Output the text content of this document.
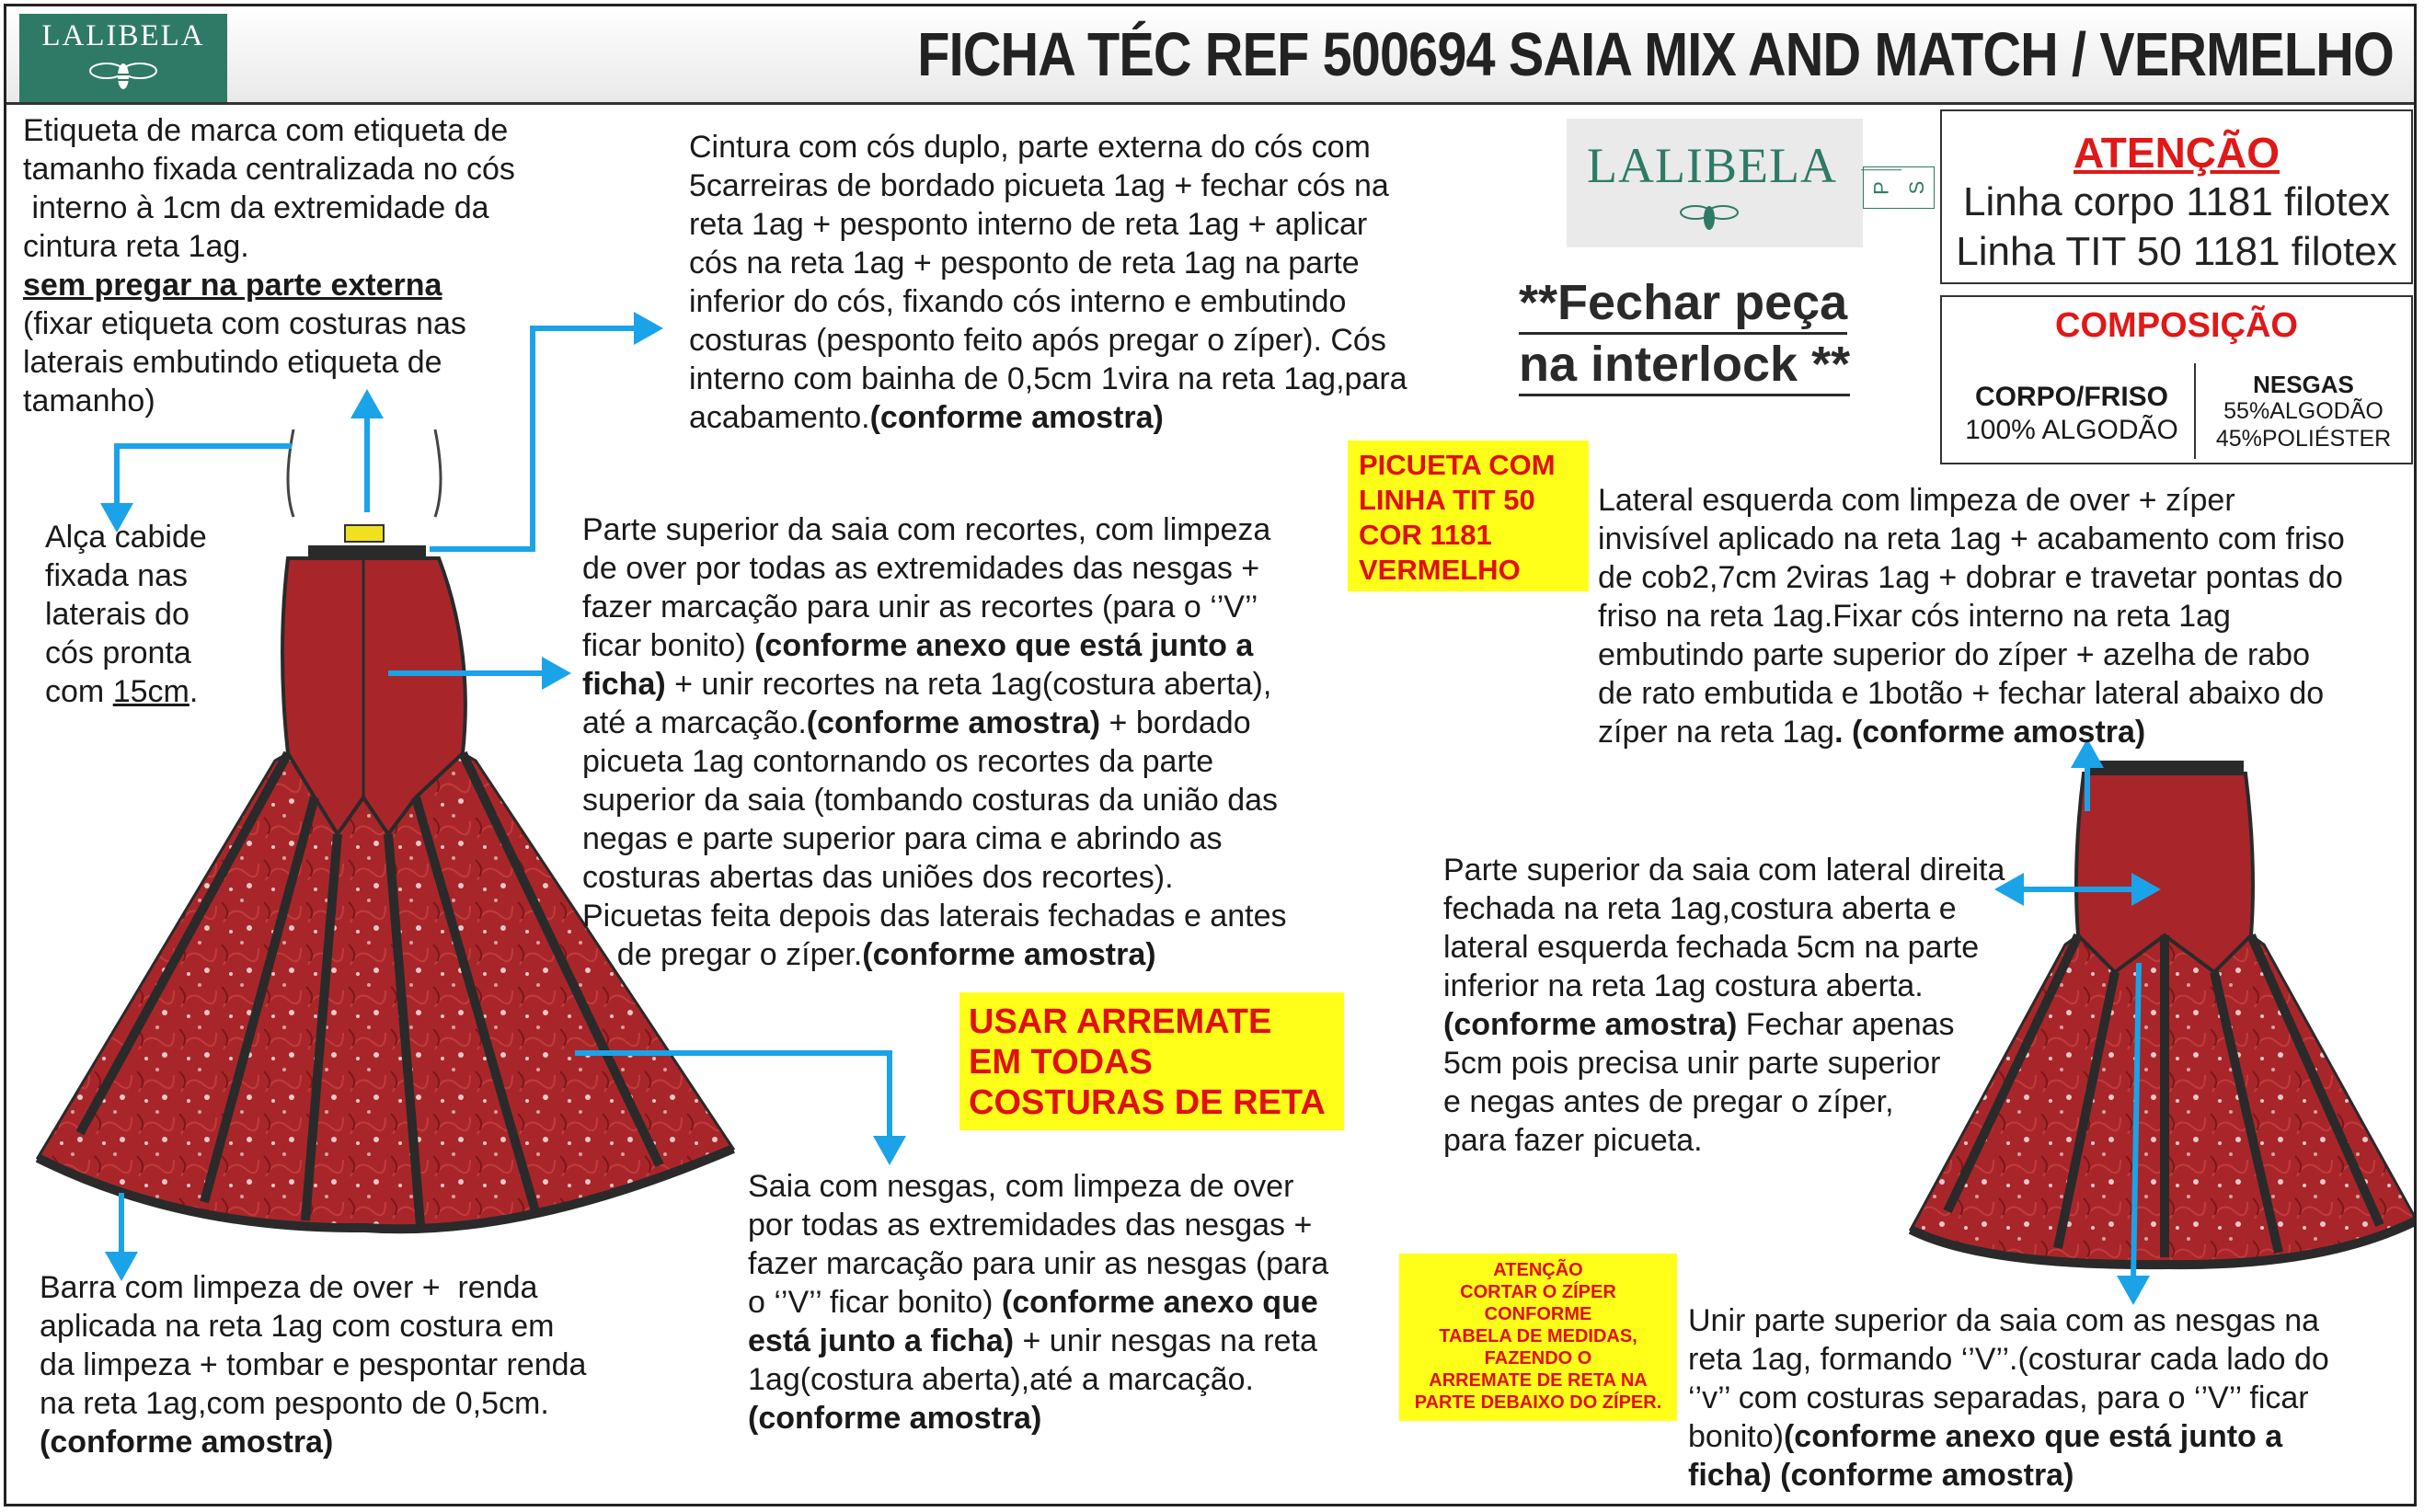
LALIBELA	FICHA TÉC REF 500694 SAIA MIX AND MATCH / VERMELHO
Etiqueta de marca com etiqueta de
tamanho fixada centralizada no cós
interno à 1cm da extremidade da
cintura reta 1ag.
sem pregar na parte externa
(fixar etiqueta com costuras nas
laterais embutindo etiqueta de
tamanho)
Alça cabide
fixada nas
laterais do
cós pronta
com 15cm.
Cintura com cós duplo, parte externa do cós com
5carreiras de bordado picueta 1ag + fechar cós na
reta 1ag + pesponto interno de reta 1ag + aplicar
cós na reta 1ag + pesponto de reta 1ag na parte
inferior do cós, fixando cós interno e embutindo
costuras (pesponto feito após pregar o zíper). Cós
interno com bainha de 0,5cm 1vira na reta 1ag,para
acabamento.(conforme amostra)
Parte superior da saia com recortes, com limpeza
de over por todas as extremidades das nesgas +
fazer marcação para unir as recortes (para o ‘’V’’
ficar bonito) (conforme anexo que está junto a
ficha) + unir recortes na reta 1ag(costura aberta),
até a marcação.(conforme amostra) + bordado
picueta 1ag contornando os recortes da parte
superior da saia (tombando costuras da união das
negas e parte superior para cima e abrindo as
costuras abertas das uniões dos recortes).
Picuetas feita depois das laterais fechadas e antes
de pregar o zíper.(conforme amostra)
Barra com limpeza de over +  renda
aplicada na reta 1ag com costura em
da limpeza + tombar e pespontar renda
na reta 1ag,com pesponto de 0,5cm.
(conforme amostra)
Saia com nesgas, com limpeza de over
por todas as extremidades das nesgas +
fazer marcação para unir as nesgas (para
o ‘’V’’ ficar bonito) (conforme anexo que
está junto a ficha) + unir nesgas na reta
1ag(costura aberta),até a marcação.
(conforme amostra)
Lateral esquerda com limpeza de over + zíper
invisível aplicado na reta 1ag + acabamento com friso
de cob2,7cm 2viras 1ag + dobrar e travetar pontas do
friso na reta 1ag.Fixar cós interno na reta 1ag
embutindo parte superior do zíper + azelha de rabo
de rato embutida e 1botão + fechar lateral abaixo do
zíper na reta 1ag. (conforme amostra)
Parte superior da saia com lateral direita
fechada na reta 1ag,costura aberta e
lateral esquerda fechada 5cm na parte
inferior na reta 1ag costura aberta.
(conforme amostra) Fechar apenas
5cm pois precisa unir parte superior
e negas antes de pregar o zíper,
para fazer picueta.
Unir parte superior da saia com as nesgas na
reta 1ag, formando ‘’V’’.(costurar cada lado do
‘’v’’ com costuras separadas, para o ‘’V’’ ficar
bonito)(conforme anexo que está junto a
ficha) (conforme amostra)
**Fechar peça
na interlock **
LALIBELA	P S
ATENÇÃO
Linha corpo 1181 filotex
Linha TIT 50 1181 filotex
COMPOSIÇÃO
CORPO/FRISO
100% ALGODÃO
NESGAS
55%ALGODÃO
45%POLIÉSTER
PICUETA COM
LINHA TIT 50
COR 1181
VERMELHO
USAR ARREMATE
EM TODAS
COSTURAS DE RETA
ATENÇÃO
CORTAR O ZÍPER
CONFORME
TABELA DE MEDIDAS,
FAZENDO O
ARREMATE DE RETA NA
PARTE DEBAIXO DO ZÍPER.
